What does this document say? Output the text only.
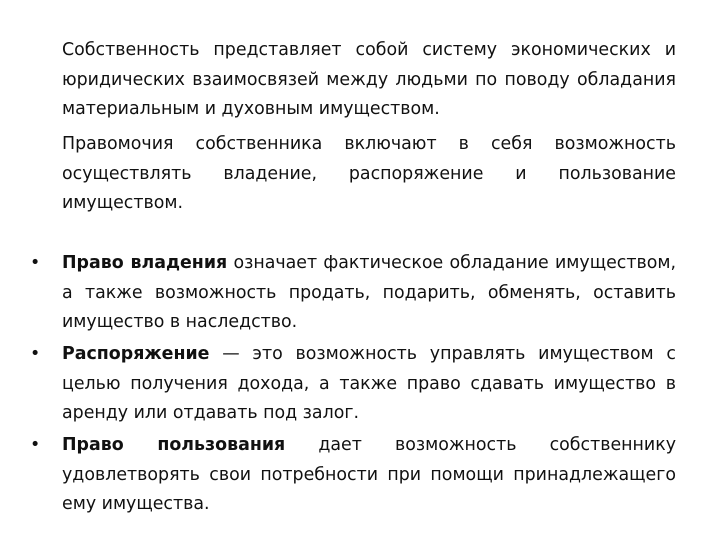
Собственность представляет собой систему экономических и юридических взаимосвязей между людьми по поводу обладания материальным и духовным имуществом.

Правомочия собственника включают в себя возможность осуществлять владение, распоряжение и пользование имуществом.

•	Право владения означает фактическое обладание имуществом, а также возможность продать, подарить, обменять, оставить имущество в наследство.

•	Распоряжение — это возможность управлять имуществом с целью получения дохода, а также право сдавать имущество в аренду или отдавать под залог.

•	Право пользования дает возможность собственнику удовлетворять свои потребности при помощи принадлежащего ему имущества.
